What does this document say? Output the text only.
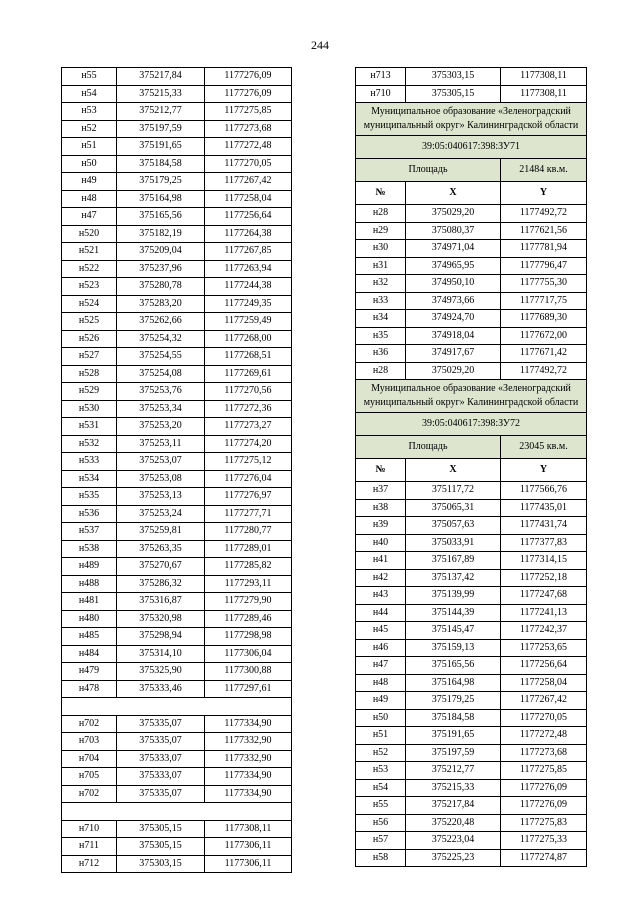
244
н55	375217,84	1177276,09
н54	375215,33	1177276,09
н53	375212,77	1177275,85
н52	375197,59	1177273,68
н51	375191,65	1177272,48
н50	375184,58	1177270,05
н49	375179,25	1177267,42
н48	375164,98	1177258,04
н47	375165,56	1177256,64
н520	375182,19	1177264,38
н521	375209,04	1177267,85
н522	375237,96	1177263,94
н523	375280,78	1177244,38
н524	375283,20	1177249,35
н525	375262,66	1177259,49
н526	375254,32	1177268,00
н527	375254,55	1177268,51
н528	375254,08	1177269,61
н529	375253,76	1177270,56
н530	375253,34	1177272,36
н531	375253,20	1177273,27
н532	375253,11	1177274,20
н533	375253,07	1177275,12
н534	375253,08	1177276,04
н535	375253,13	1177276,97
н536	375253,24	1177277,71
н537	375259,81	1177280,77
н538	375263,35	1177289,01
н489	375270,67	1177285,82
н488	375286,32	1177293,11
н481	375316,87	1177279,90
н480	375320,98	1177289,46
н485	375298,94	1177298,98
н484	375314,10	1177306,04
н479	375325,90	1177300,88
н478	375333,46	1177297,61

н702	375335,07	1177334,90
н703	375335,07	1177332,90
н704	375333,07	1177332,90
н705	375333,07	1177334,90
н702	375335,07	1177334,90

н710	375305,15	1177308,11
н711	375305,15	1177306,11
н712	375303,15	1177306,11
н713	375303,15	1177308,11
н710	375305,15	1177308,11
Муниципальное образование «Зеленоградский муниципальный округ» Калининградской области		
39:05:040617:398:ЗУ71		
Площадь		21484 кв.м.
№	X	Y
н28	375029,20	1177492,72
н29	375080,37	1177621,56
н30	374971,04	1177781,94
н31	374965,95	1177796,47
н32	374950,10	1177755,30
н33	374973,66	1177717,75
н34	374924,70	1177689,30
н35	374918,04	1177672,00
н36	374917,67	1177671,42
н28	375029,20	1177492,72
Муниципальное образование «Зеленоградский муниципальный округ» Калининградской области		
39:05:040617:398:ЗУ72		
Площадь		23045 кв.м.
№	X	Y
н37	375117,72	1177566,76
н38	375065,31	1177435,01
н39	375057,63	1177431,74
н40	375033,91	1177377,83
н41	375167,89	1177314,15
н42	375137,42	1177252,18
н43	375139,99	1177247,68
н44	375144,39	1177241,13
н45	375145,47	1177242,37
н46	375159,13	1177253,65
н47	375165,56	1177256,64
н48	375164,98	1177258,04
н49	375179,25	1177267,42
н50	375184,58	1177270,05
н51	375191,65	1177272,48
н52	375197,59	1177273,68
н53	375212,77	1177275,85
н54	375215,33	1177276,09
н55	375217,84	1177276,09
н56	375220,48	1177275,83
н57	375223,04	1177275,33
н58	375225,23	1177274,87
